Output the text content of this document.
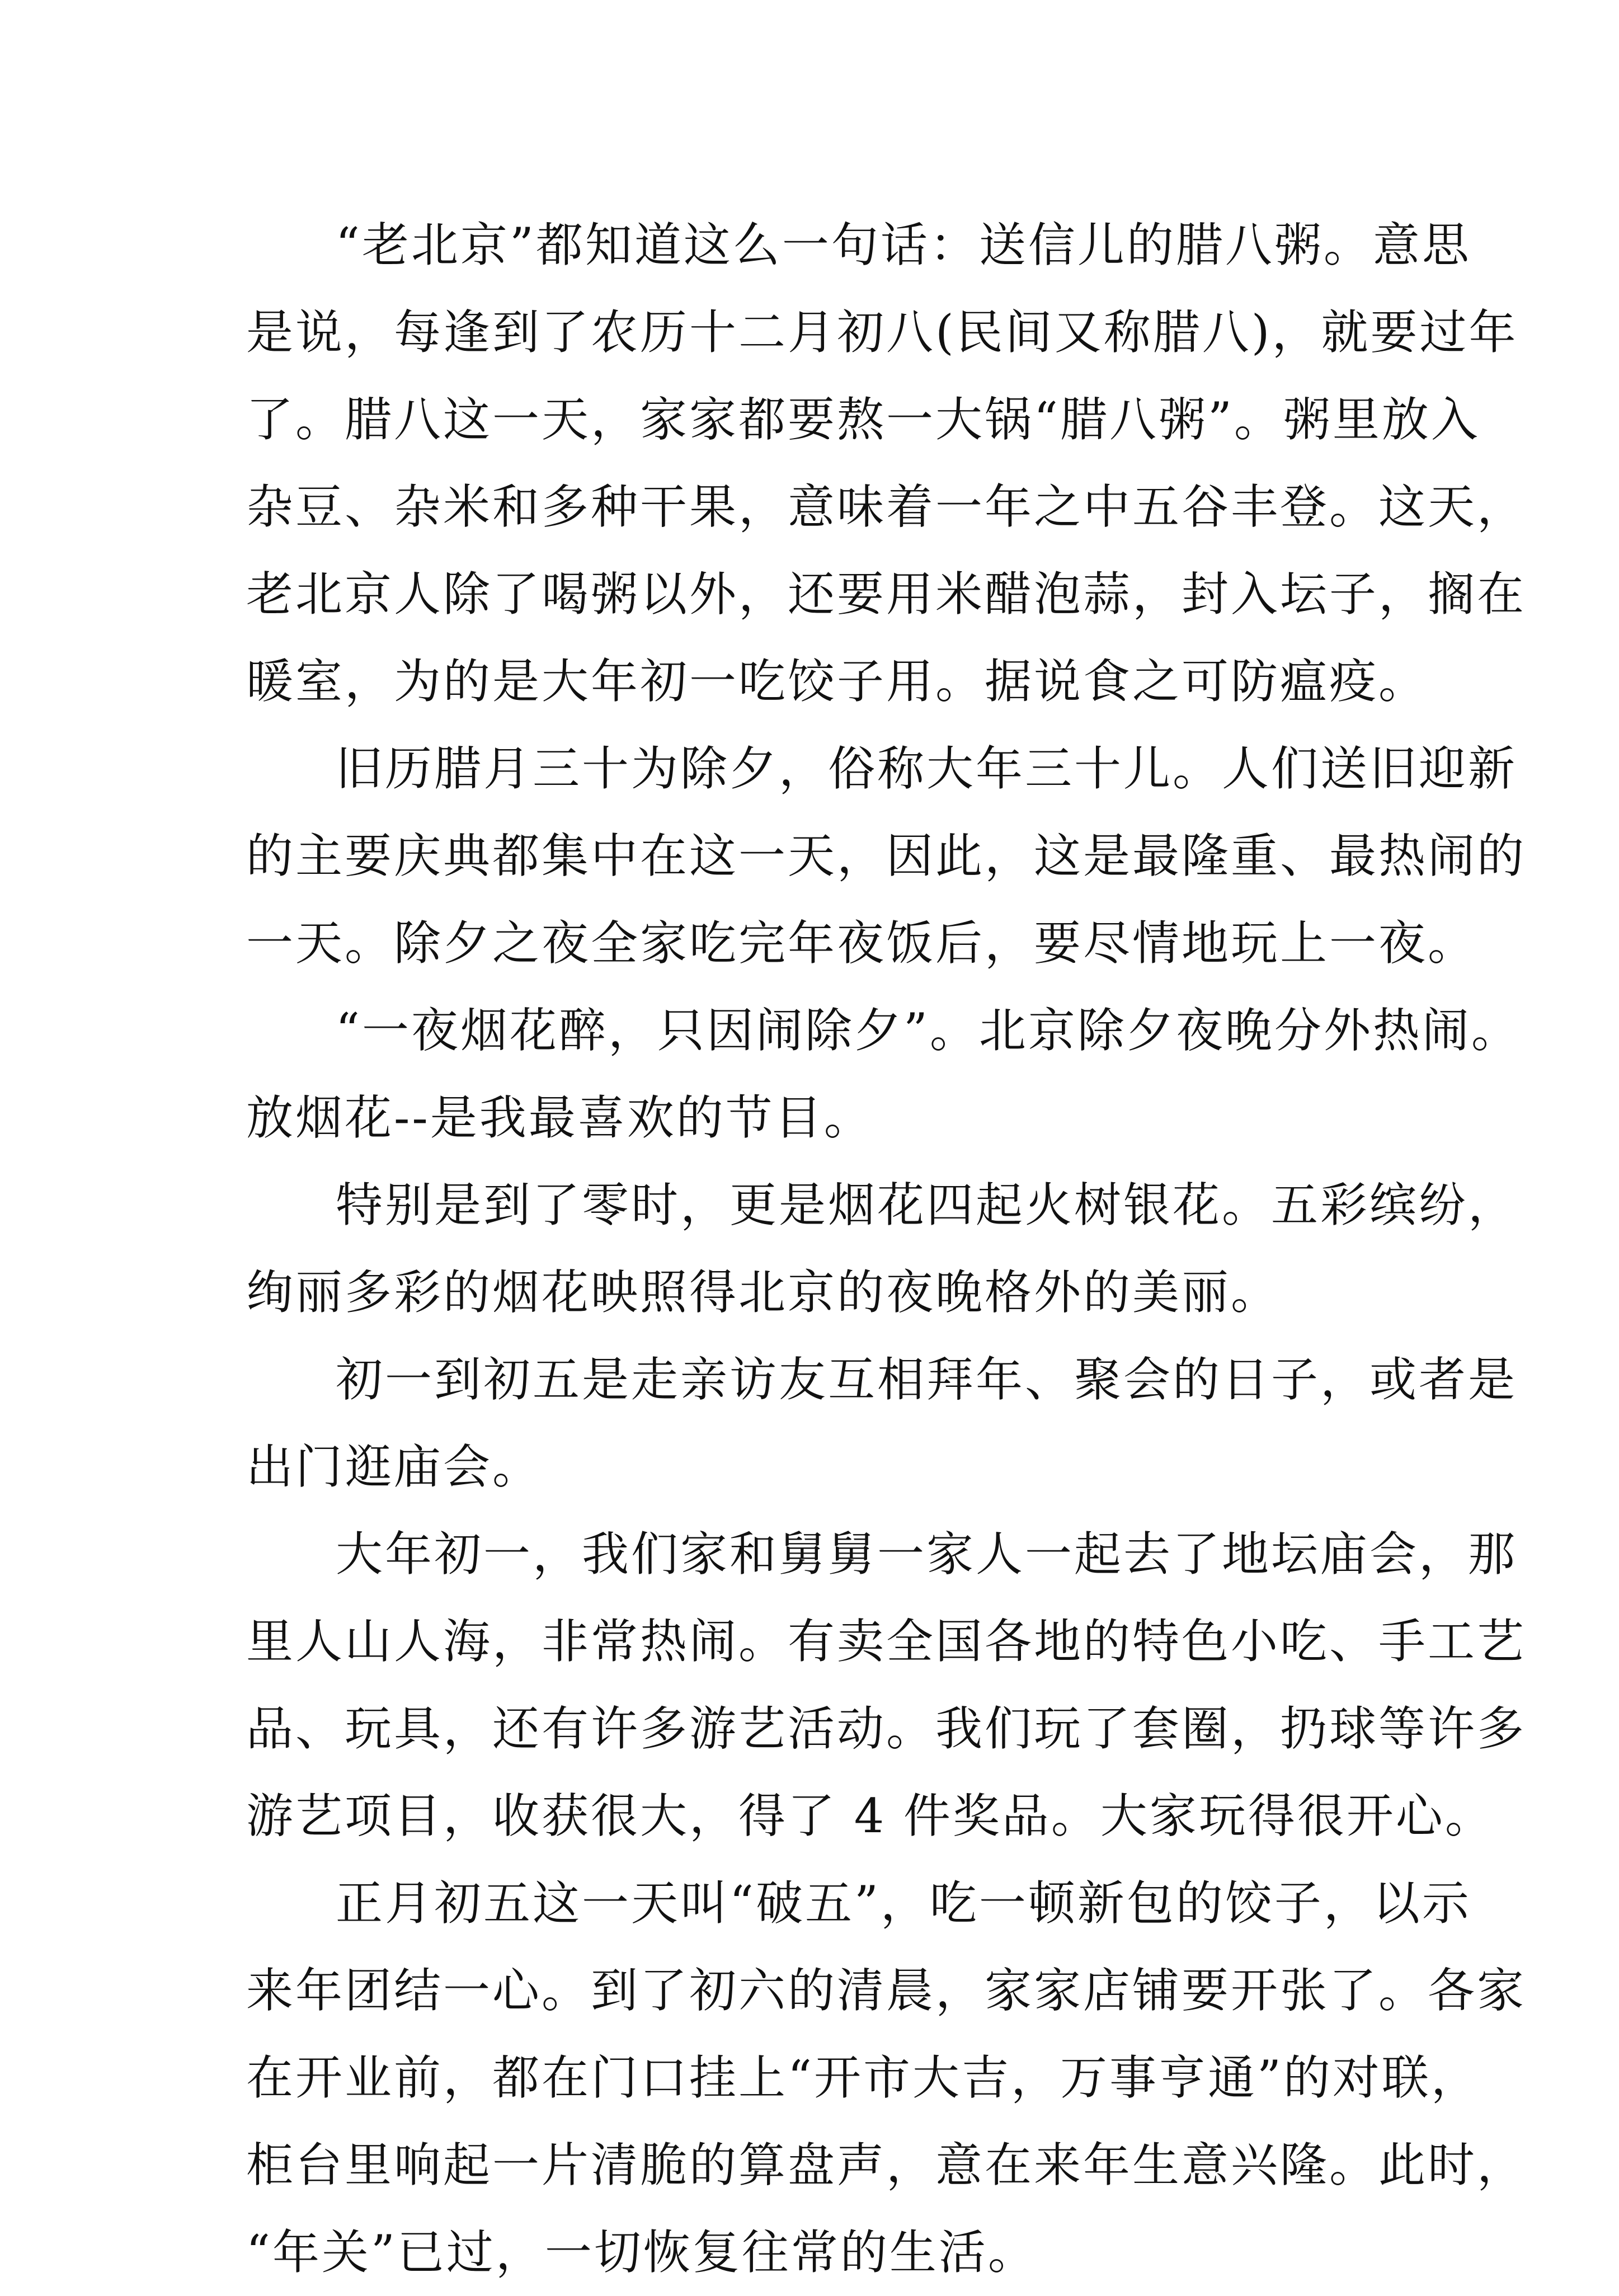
“老北京”都知道这么一句话：送信儿的腊八粥。意思
是说，每逢到了农历十二月初八(民间又称腊八)，就要过年
了。腊八这一天，家家都要熬一大锅“腊八粥”。粥里放入
杂豆、杂米和多种干果，意味着一年之中五谷丰登。这天，
老北京人除了喝粥以外，还要用米醋泡蒜，封入坛子，搁在
暖室，为的是大年初一吃饺子用。据说食之可防瘟疫。
旧历腊月三十为除夕，俗称大年三十儿。人们送旧迎新
的主要庆典都集中在这一天，因此，这是最隆重、最热闹的
一天。除夕之夜全家吃完年夜饭后，要尽情地玩上一夜。
“一夜烟花醉，只因闹除夕”。北京除夕夜晚分外热闹。
放烟花--是我最喜欢的节目。
特别是到了零时，更是烟花四起火树银花。五彩缤纷，
绚丽多彩的烟花映照得北京的夜晚格外的美丽。
初一到初五是走亲访友互相拜年、聚会的日子，或者是
出门逛庙会。
大年初一，我们家和舅舅一家人一起去了地坛庙会，那
里人山人海，非常热闹。有卖全国各地的特色小吃、手工艺
品、玩具，还有许多游艺活动。我们玩了套圈，扔球等许多
游艺项目，收获很大，得了 4 件奖品。大家玩得很开心。
正月初五这一天叫“破五”，吃一顿新包的饺子，以示
来年团结一心。到了初六的清晨，家家店铺要开张了。各家
在开业前，都在门口挂上“开市大吉，万事亨通”的对联，
柜台里响起一片清脆的算盘声，意在来年生意兴隆。此时，
“年关”已过，一切恢复往常的生活。
